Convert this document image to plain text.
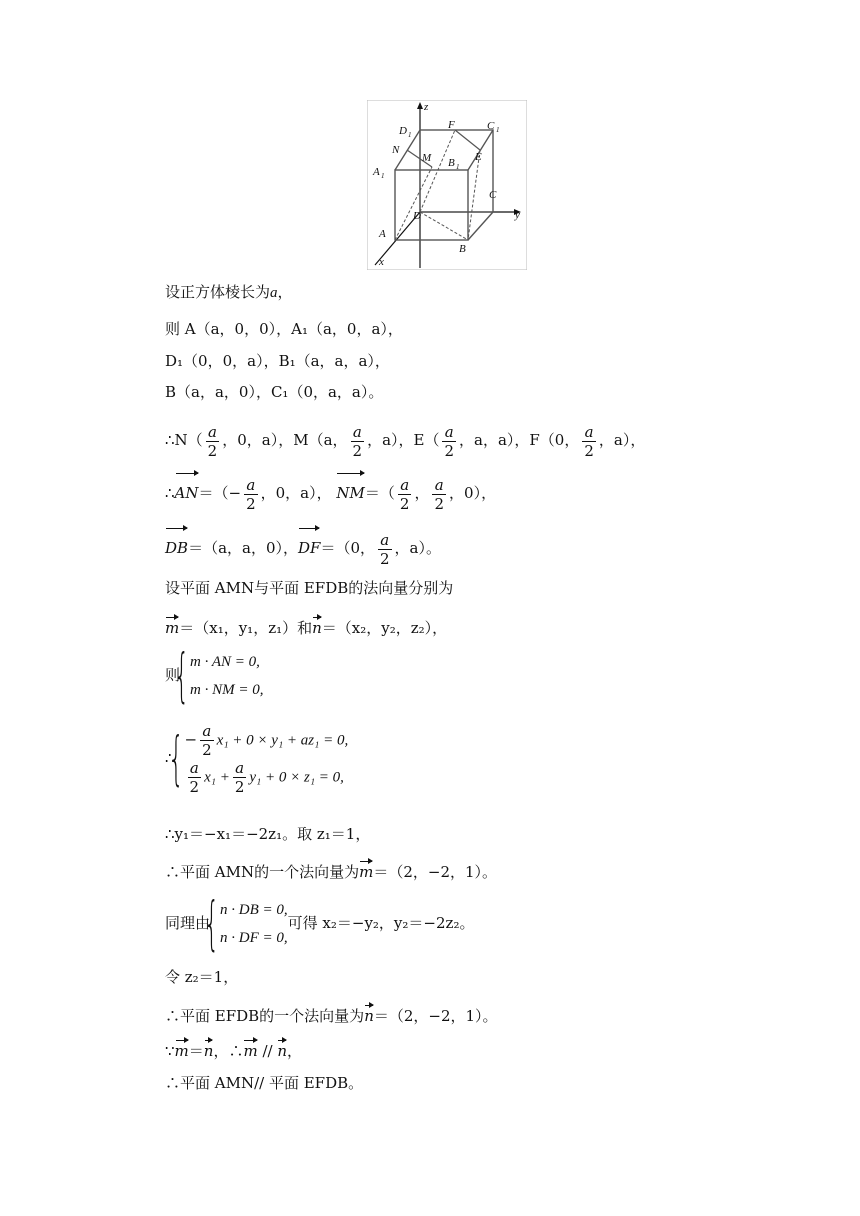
z
y
x
D 1
F	C 1
N
M B 1
E
A 1
C
D
A
B
设正方体棱长为a，
则 A（a，0，0），A₁（a，0，a），
D₁（0，0，a），B₁（a，a，a），
B（a，a，0），C₁（0，a，a）。
∴N（ $\frac{a}{2}$ ，0，a），M（a， $\frac{a}{2}$ ，a），$E( \frac{a}{2}$ ，a，a），F（0， $\frac{a}{2}$ ，a），
∴AN＝（− $\frac{a}{2}$ ，0，a）， $NM=( \frac{a}{2}$ ， $\frac{a}{2}$ ，0），
DB＝（a，a，0），DF＝（0， $\frac{a}{2}$ ，a）。
设平面 AMN与平面 EFDB的法向量分别为
m＝（x₁，y₁，z₁）和n＝（x₂，y₂，z₂），
则
{ m · AN = 0,
m · NM = 0,
∴
{ − $\frac{a}{2} x_1 + 0 \times y_1 + az_1 = 0$,
$\frac{a}{2} x_1 + \frac{a}{2} y_1 + 0 \times z_1 = 0$,
∴y₁＝−x₁＝−2z₁。取 z₁＝1，
∴平面 AMN的一个法向量为m＝（2，−2，1）。
同理由
{ n · DB = 0,
n · DF = 0,
可得 x₂＝−y₂，y₂＝−2z₂。
令 z₂＝1，
∴平面 EFDB的一个法向量为n＝（2，−2，1）。
∵m＝n，∴m // n，
∴平面 AMN// 平面 EFDB。
